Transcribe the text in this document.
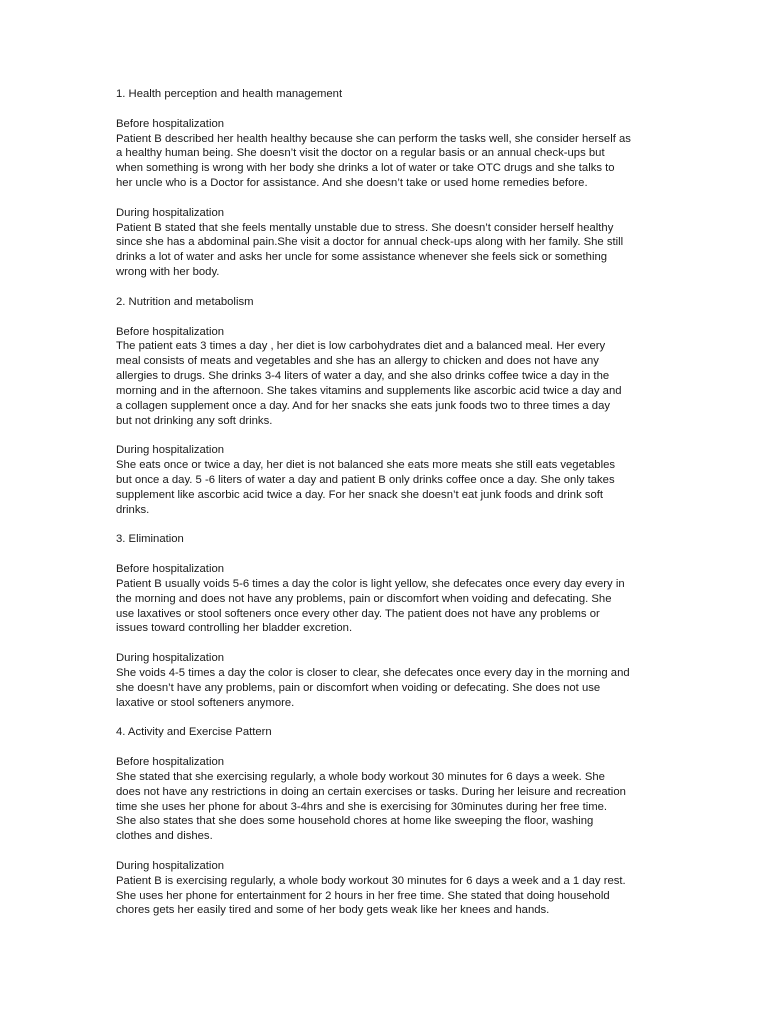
1. Health perception and health management
Before hospitalization
Patient B described her health healthy because she can perform the tasks well, she consider herself as
a healthy human being. She doesn’t visit the doctor on a regular basis or an annual check-ups but
when something is wrong with her body she drinks a lot of water or take OTC drugs and she talks to
her uncle who is a Doctor for assistance. And she doesn’t take or used home remedies before.
During hospitalization
Patient B stated that she feels mentally unstable due to stress. She doesn’t consider herself healthy
since she has a abdominal pain.She visit a doctor for annual check-ups along with her family. She still
drinks a lot of water and asks her uncle for some assistance whenever she feels sick or something
wrong with her body.
2. Nutrition and metabolism
Before hospitalization
The patient eats 3 times a day , her diet is low carbohydrates diet and a balanced meal. Her every
meal consists of meats and vegetables and she has an allergy to chicken and does not have any
allergies to drugs. She drinks 3-4 liters of water a day, and she also drinks coffee twice a day in the
morning and in the afternoon. She takes vitamins and supplements like ascorbic acid twice a day and
a collagen supplement once a day. And for her snacks she eats junk foods two to three times a day
but not drinking any soft drinks.
During hospitalization
She eats once or twice a day, her diet is not balanced she eats more meats she still eats vegetables
but once a day. 5 -6 liters of water a day and patient B only drinks coffee once a day. She only takes
supplement like ascorbic acid twice a day. For her snack she doesn’t eat junk foods and drink soft
drinks.
3. Elimination
Before hospitalization
Patient B usually voids 5-6 times a day the color is light yellow, she defecates once every day every in
the morning and does not have any problems, pain or discomfort when voiding and defecating. She
use laxatives or stool softeners once every other day. The patient does not have any problems or
issues toward controlling her bladder excretion.
During hospitalization
She voids 4-5 times a day the color is closer to clear, she defecates once every day in the morning and
she doesn’t have any problems, pain or discomfort when voiding or defecating. She does not use
laxative or stool softeners anymore.
4. Activity and Exercise Pattern
Before hospitalization
She stated that she exercising regularly, a whole body workout 30 minutes for 6 days a week. She
does not have any restrictions in doing an certain exercises or tasks. During her leisure and recreation
time she uses her phone for about 3-4hrs and she is exercising for 30minutes during her free time.
She also states that she does some household chores at home like sweeping the floor, washing
clothes and dishes.
During hospitalization
Patient B is exercising regularly, a whole body workout 30 minutes for 6 days a week and a 1 day rest.
She uses her phone for entertainment for 2 hours in her free time. She stated that doing household
chores gets her easily tired and some of her body gets weak like her knees and hands.
